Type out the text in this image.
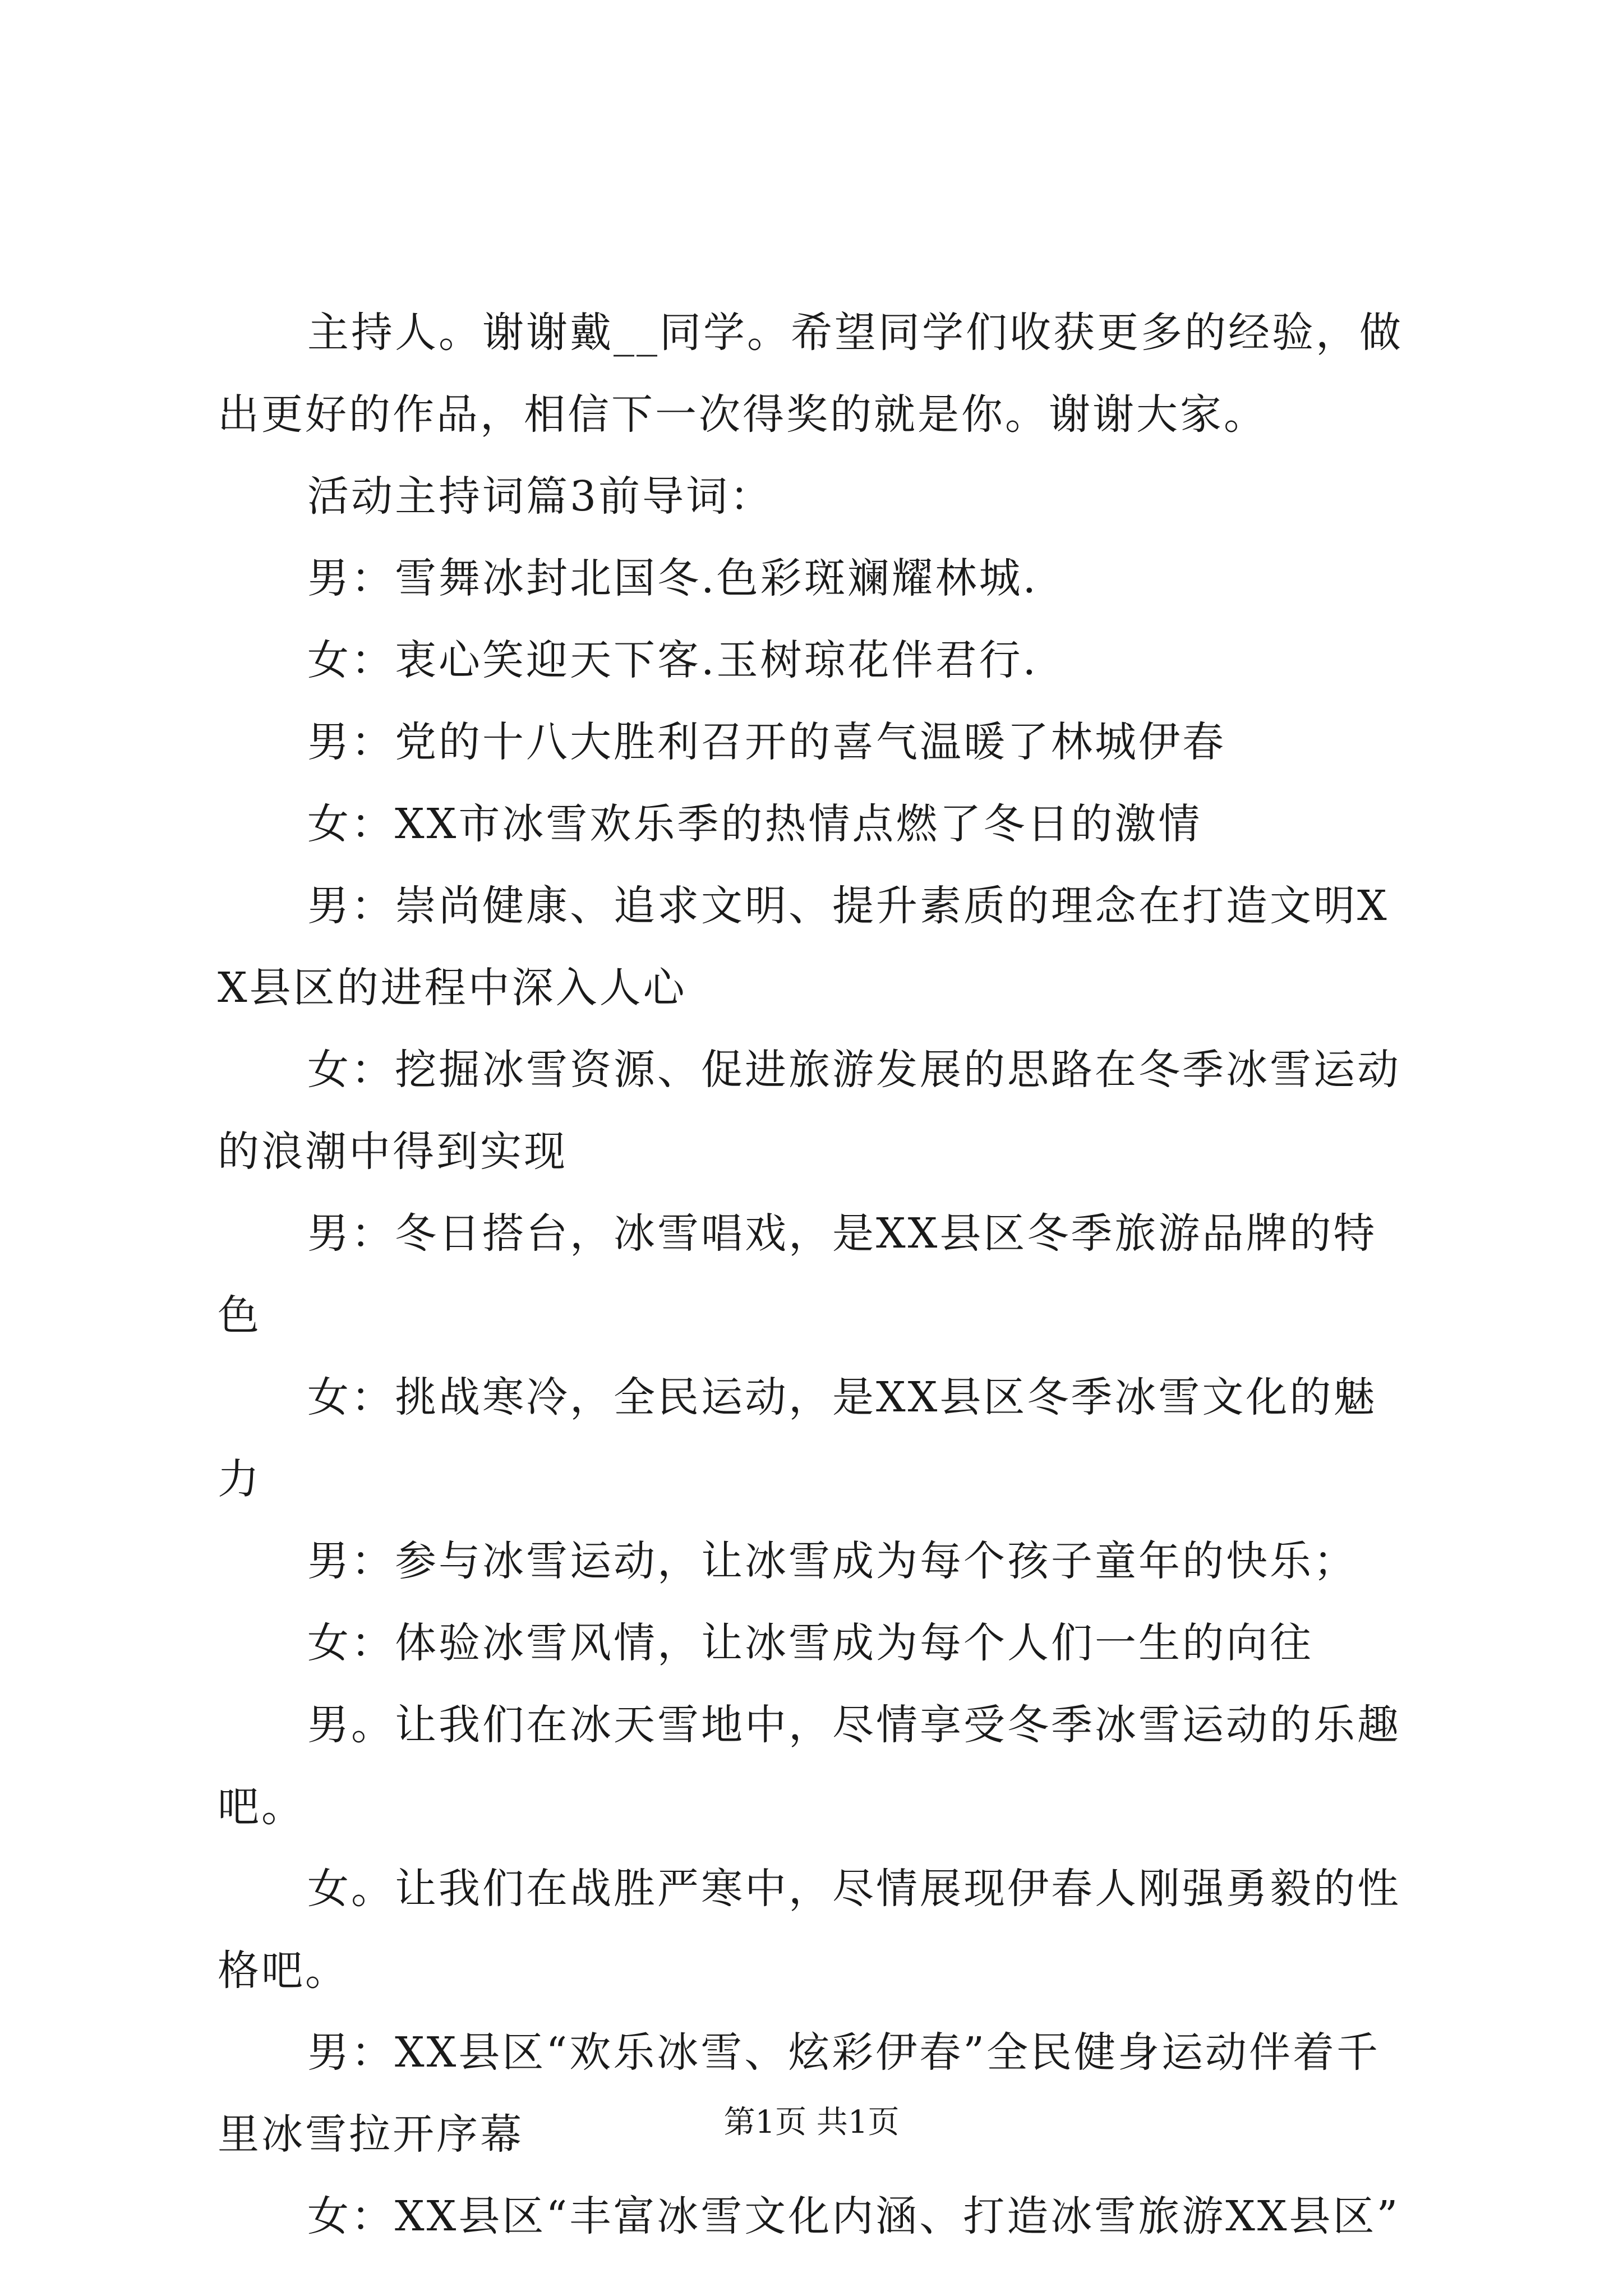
主持人。谢谢戴__同学。希望同学们收获更多的经验，做出更好的作品，相信下一次得奖的就是你。谢谢大家。

活动主持词篇3前导词：

男：雪舞冰封北国冬.色彩斑斓耀林城.

女：衷心笑迎天下客.玉树琼花伴君行.

男：党的十八大胜利召开的喜气温暖了林城伊春

女：XX市冰雪欢乐季的热情点燃了冬日的激情

男：崇尚健康、追求文明、提升素质的理念在打造文明XX县区的进程中深入人心

女：挖掘冰雪资源、促进旅游发展的思路在冬季冰雪运动的浪潮中得到实现

男：冬日搭台，冰雪唱戏，是XX县区冬季旅游品牌的特色

女：挑战寒冷，全民运动，是XX县区冬季冰雪文化的魅力

男：参与冰雪运动，让冰雪成为每个孩子童年的快乐；

女：体验冰雪风情，让冰雪成为每个人们一生的向往

男。让我们在冰天雪地中，尽情享受冬季冰雪运动的乐趣吧。

女。让我们在战胜严寒中，尽情展现伊春人刚强勇毅的性格吧。

男：XX县区“欢乐冰雪、炫彩伊春”全民健身运动伴着千里冰雪拉开序幕

女：XX县区“丰富冰雪文化内涵、打造冰雪旅游XX县区”

第1页 共1页
